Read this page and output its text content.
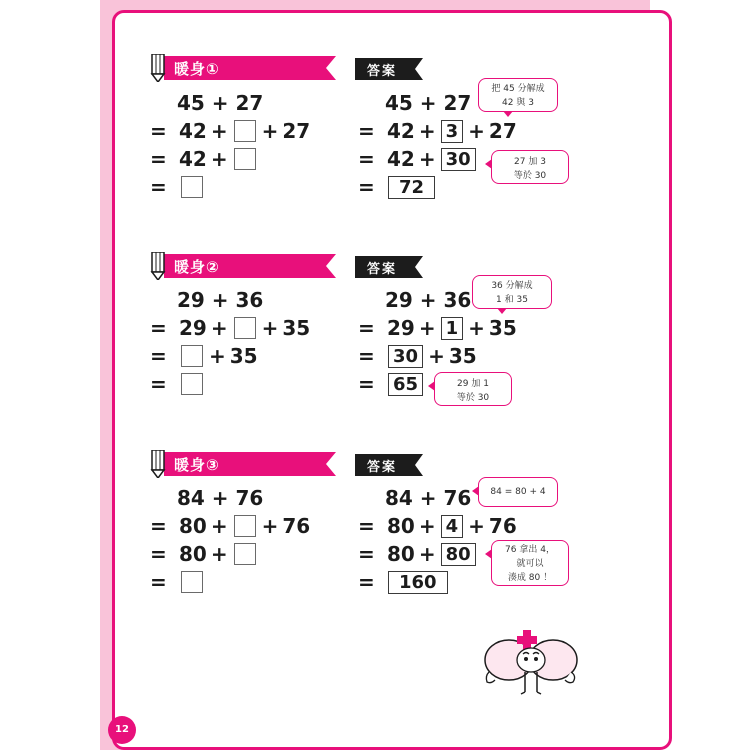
暖身①	答案
45 + 27
= 42 + + 27
= 42 +
=
45 + 27
= 42 + 3 + 27
= 42 + 30
=	72
把 45 分解成
42 與 3
27 加 3
等於 30
暖身②	答案
29 + 36
= 29 + + 35
=	+ 35
=
29 + 36
= 29 + 1 + 35
=	30 + 35
=	65
36 分解成
1 和 35
29 加 1
等於 30
暖身③	答案
84 + 76
= 80 + + 76
= 80 +
=
84 + 76
= 80 + 4 + 76
= 80 + 80
=	160
84 = 80 + 4
76 拿出 4，
就可以
湊成 80 ！
12
